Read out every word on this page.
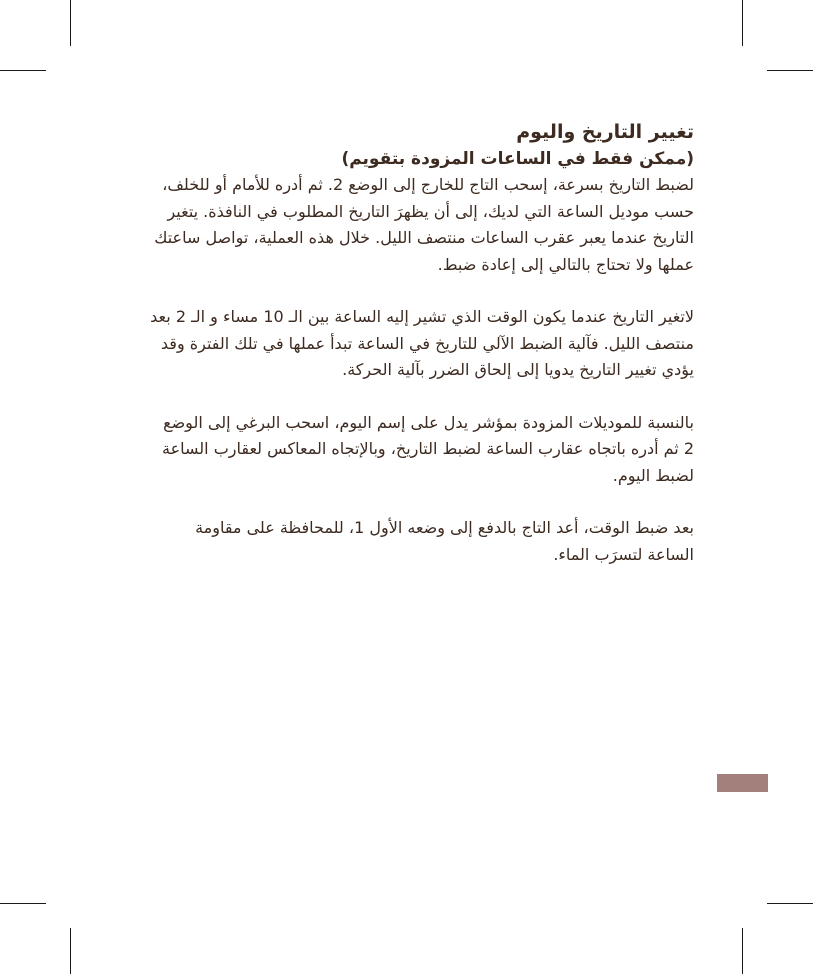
تغيير التاريخ واليوم
(ممكن فقط في الساعات المزودة بتقويم)

لضبط التاريخ بسرعة، إسحب التاج للخارج إلى الوضع 2. ثم أدره للأمام أو للخلف، حسب موديل الساعة التي لديك، إلى أن يظهرَ التاريخ المطلوب في النافذة. يتغير التاريخ عندما يعبر عقرب الساعات منتصف الليل. خلال هذه العملية، تواصل ساعتك عملها ولا تحتاج بالتالي إلى إعادة ضبط.

لاتغير التاريخ عندما يكون الوقت الذي تشير إليه الساعة بين الـ 10 مساء و الـ 2 بعد منتصف الليل. فآلية الضبط الآلي للتاريخ في الساعة تبدأ عملها في تلك الفترة وقد يؤدي تغيير التاريخ يدويا إلى إلحاق الضرر بآلية الحركة.

بالنسبة للموديلات المزودة بمؤشر يدل على إسم اليوم، اسحب البرغي إلى الوضع 2 ثم أدره باتجاه عقارب الساعة لضبط التاريخ، وبالإتجاه المعاكس لعقارب الساعة لضبط اليوم.

بعد ضبط الوقت، أعد التاج بالدفع إلى وضعه الأول 1، للمحافظة على مقاومة الساعة لتسرَب الماء.
